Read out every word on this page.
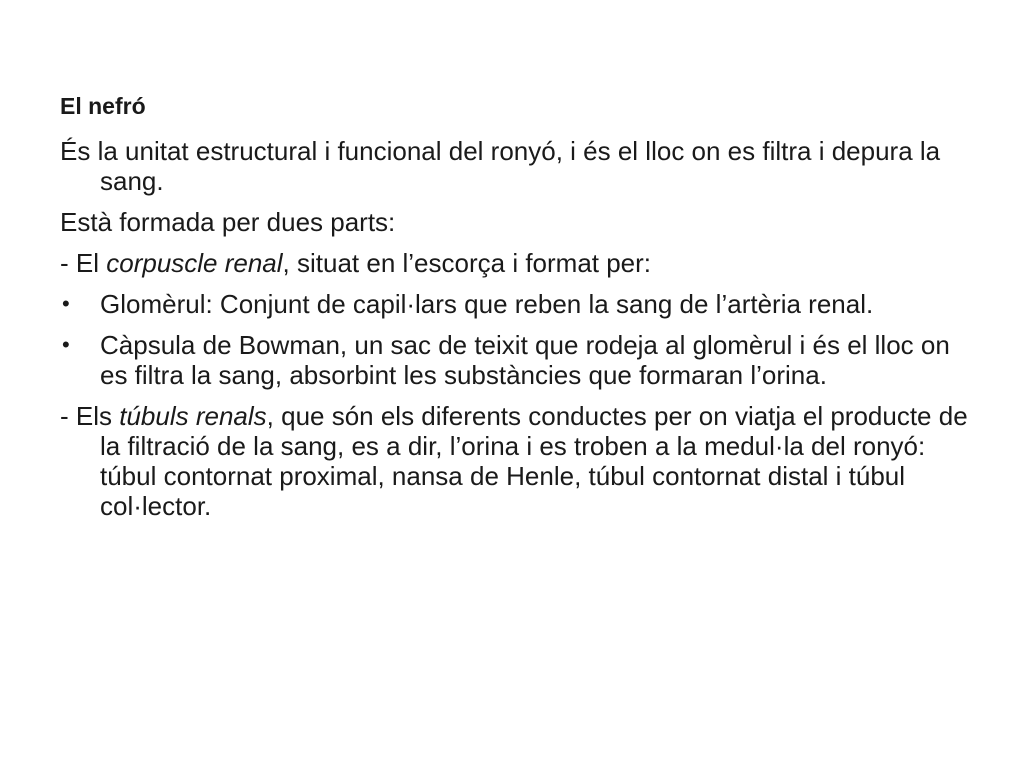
El nefró
És la unitat estructural i funcional del ronyó, i és el lloc on es filtra i depura la sang.
Està formada per dues parts:
- El corpuscle renal, situat en l’escorça i format per:
• Glomèrul: Conjunt de capil·lars que reben la sang de l’artèria renal.
• Càpsula de Bowman, un sac de teixit que rodeja al glomèrul i és el lloc on es filtra la sang, absorbint les substàncies que formaran l’orina.
- Els túbuls renals, que són els diferents conductes per on viatja el producte de la filtració de la sang, es a dir, l’orina i es troben a la medul·la del ronyó: túbul contornat proximal, nansa de Henle, túbul contornat distal i túbul col·lector.
